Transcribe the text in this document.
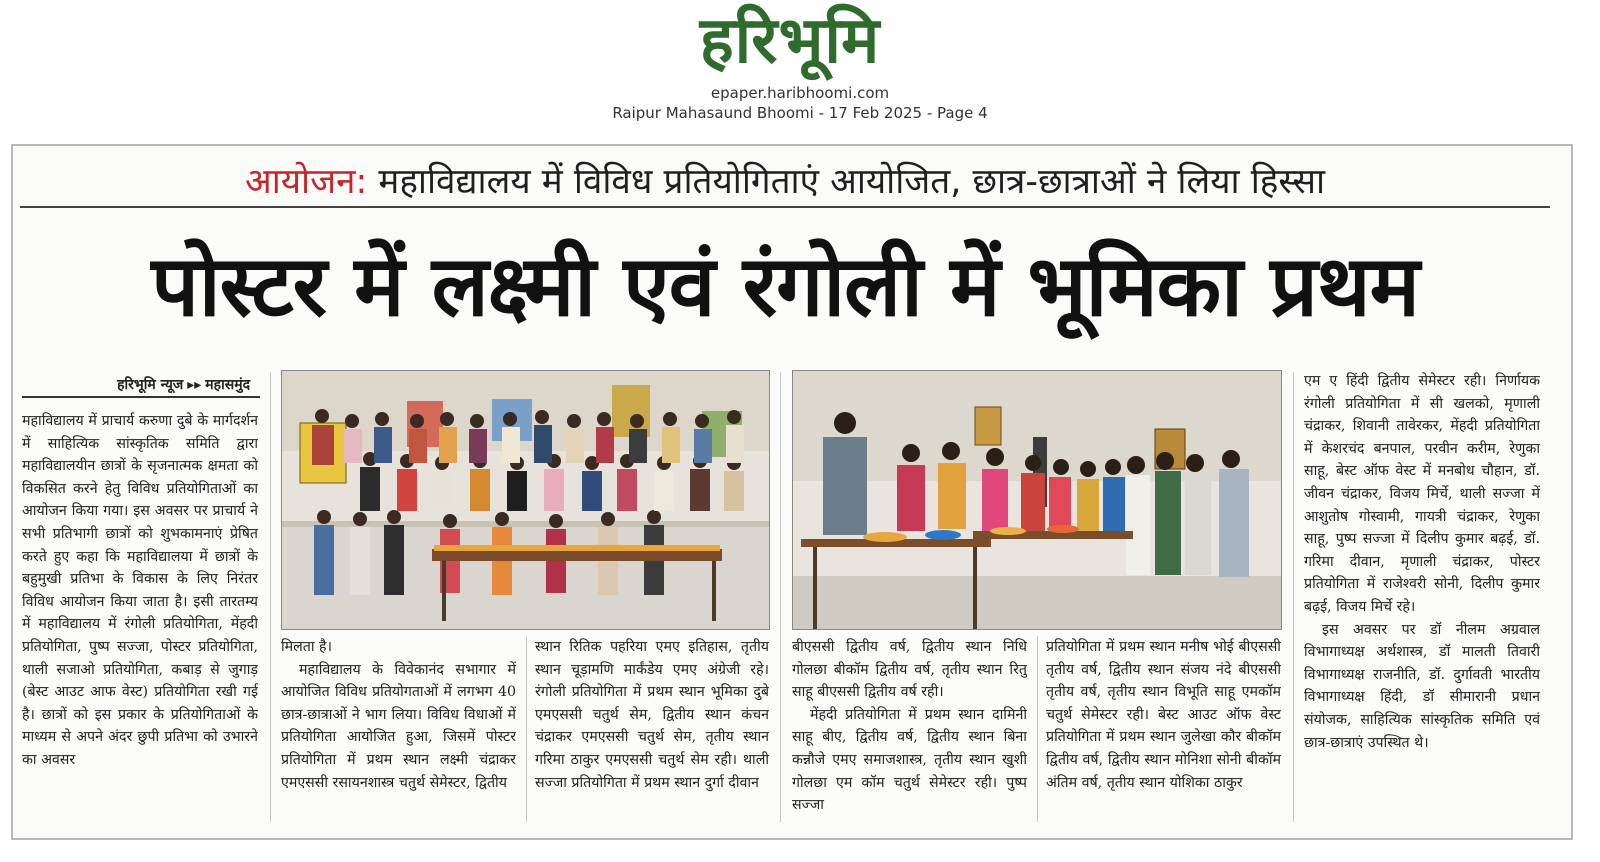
हरिभूमि
epaper.haribhoomi.com
Raipur Mahasaund Bhoomi - 17 Feb 2025 - Page 4
आयोजन: महाविद्यालय में विविध प्रतियोगिताएं आयोजित, छात्र-छात्राओं ने लिया हिस्सा
पोस्टर में लक्ष्मी एवं रंगोली में भूमिका प्रथम
हरिभूमि न्यूज ▸▸ महासमुंद

महाविद्यालय में प्राचार्य करुणा दुबे के मार्गदर्शन में साहित्यिक सांस्कृतिक समिति द्वारा महाविद्यालयीन छात्रों के सृजनात्मक क्षमता को विकसित करने हेतु विविध प्रतियोगिताओं का आयोजन किया गया। इस अवसर पर प्राचार्य ने सभी प्रतिभागी छात्रों को शुभकामनाएं प्रेषित करते हुए कहा कि महाविद्यालया में छात्रों के बहुमुखी प्रतिभा के विकास के लिए निरंतर विविध आयोजन किया जाता है। इसी तारतम्य में महाविद्यालय में रंगोली प्रतियोगिता, मेंहदी प्रतियोगिता, पुष्प सज्जा, पोस्टर प्रतियोगिता, थाली सजाओ प्रतियोगिता, कबाड़ से जुगाड़ (बेस्ट आउट आफ वेस्ट) प्रतियोगिता रखी गई है। छात्रों को इस प्रकार के प्रतियोगिताओं के माध्यम से अपने अंदर छुपी प्रतिभा को उभारने का अवसर

मिलता है।

महाविद्यालय के विवेकानंद सभागार में आयोजित विविध प्रतियोगताओं में लगभग 40 छात्र-छात्राओं ने भाग लिया। विविध विधाओं में प्रतियोगिता आयोजित हुआ, जिसमें पोस्टर प्रतियोगिता में प्रथम स्थान लक्ष्मी चंद्राकर एमएससी रसायनशास्त्र चतुर्थ सेमेस्टर, द्वितीय

स्थान रितिक पहरिया एमए इतिहास, तृतीय स्थान चूड़ामणि मार्कंडेय एमए अंग्रेजी रहे। रंगोली प्रतियोगिता में प्रथम स्थान भूमिका दुबे एमएससी चतुर्थ सेम, द्वितीय स्थान कंचन चंद्राकर एमएससी चतुर्थ सेम, तृतीय स्थान गरिमा ठाकुर एमएससी चतुर्थ सेम रही। थाली सज्जा प्रतियोगिता में प्रथम स्थान दुर्गा दीवान

बीएससी द्वितीय वर्ष, द्वितीय स्थान निधि गोलछा बीकॉम द्वितीय वर्ष, तृतीय स्थान रितु साहू बीएससी द्वितीय वर्ष रही।

मेंहदी प्रतियोगिता में प्रथम स्थान दामिनी साहू बीए, द्वितीय वर्ष, द्वितीय स्थान बिना कन्नौजे एमए समाजशास्त्र, तृतीय स्थान खुशी गोलछा एम कॉम चतुर्थ सेमेस्टर रही। पुष्प सज्जा

प्रतियोगिता में प्रथम स्थान मनीष भोई बीएससी तृतीय वर्ष, द्वितीय स्थान संजय नंदे बीएससी तृतीय वर्ष, तृतीय स्थान विभूति साहू एमकॉम चतुर्थ सेमेस्टर रही। बेस्ट आउट ऑफ वेस्ट प्रतियोगिता में प्रथम स्थान जुलेखा कौर बीकॉम द्वितीय वर्ष, द्वितीय स्थान मोनिशा सोनी बीकॉम अंतिम वर्ष, तृतीय स्थान योशिका ठाकुर

एम ए हिंदी द्वितीय सेमेस्टर रही। निर्णायक रंगोली प्रतियोगिता में सी खलको, मृणाली चंद्राकर, शिवानी तावेरकर, मेंहदी प्रतियोगिता में केशरचंद बनपाल, परवीन करीम, रेणुका साहू, बेस्ट ऑफ वेस्ट में मनबोध चौहान, डॉ. जीवन चंद्राकर, विजय मिर्चे, थाली सज्जा में आशुतोष गोस्वामी, गायत्री चंद्राकर, रेणुका साहू, पुष्प सज्जा में दिलीप कुमार बढ़ई, डॉ. गरिमा दीवान, मृणाली चंद्राकर, पोस्टर प्रतियोगिता में राजेश्वरी सोनी, दिलीप कुमार बढ़ई, विजय मिर्चे रहे।

इस अवसर पर डॉ नीलम अग्रवाल विभागाध्यक्ष अर्थशास्त्र, डॉ मालती तिवारी विभागाध्यक्ष राजनीति, डॉ. दुर्गावती भारतीय विभागाध्यक्ष हिंदी, डॉ सीमारानी प्रधान संयोजक, साहित्यिक सांस्कृतिक समिति एवं छात्र-छात्राएं उपस्थित थे।
